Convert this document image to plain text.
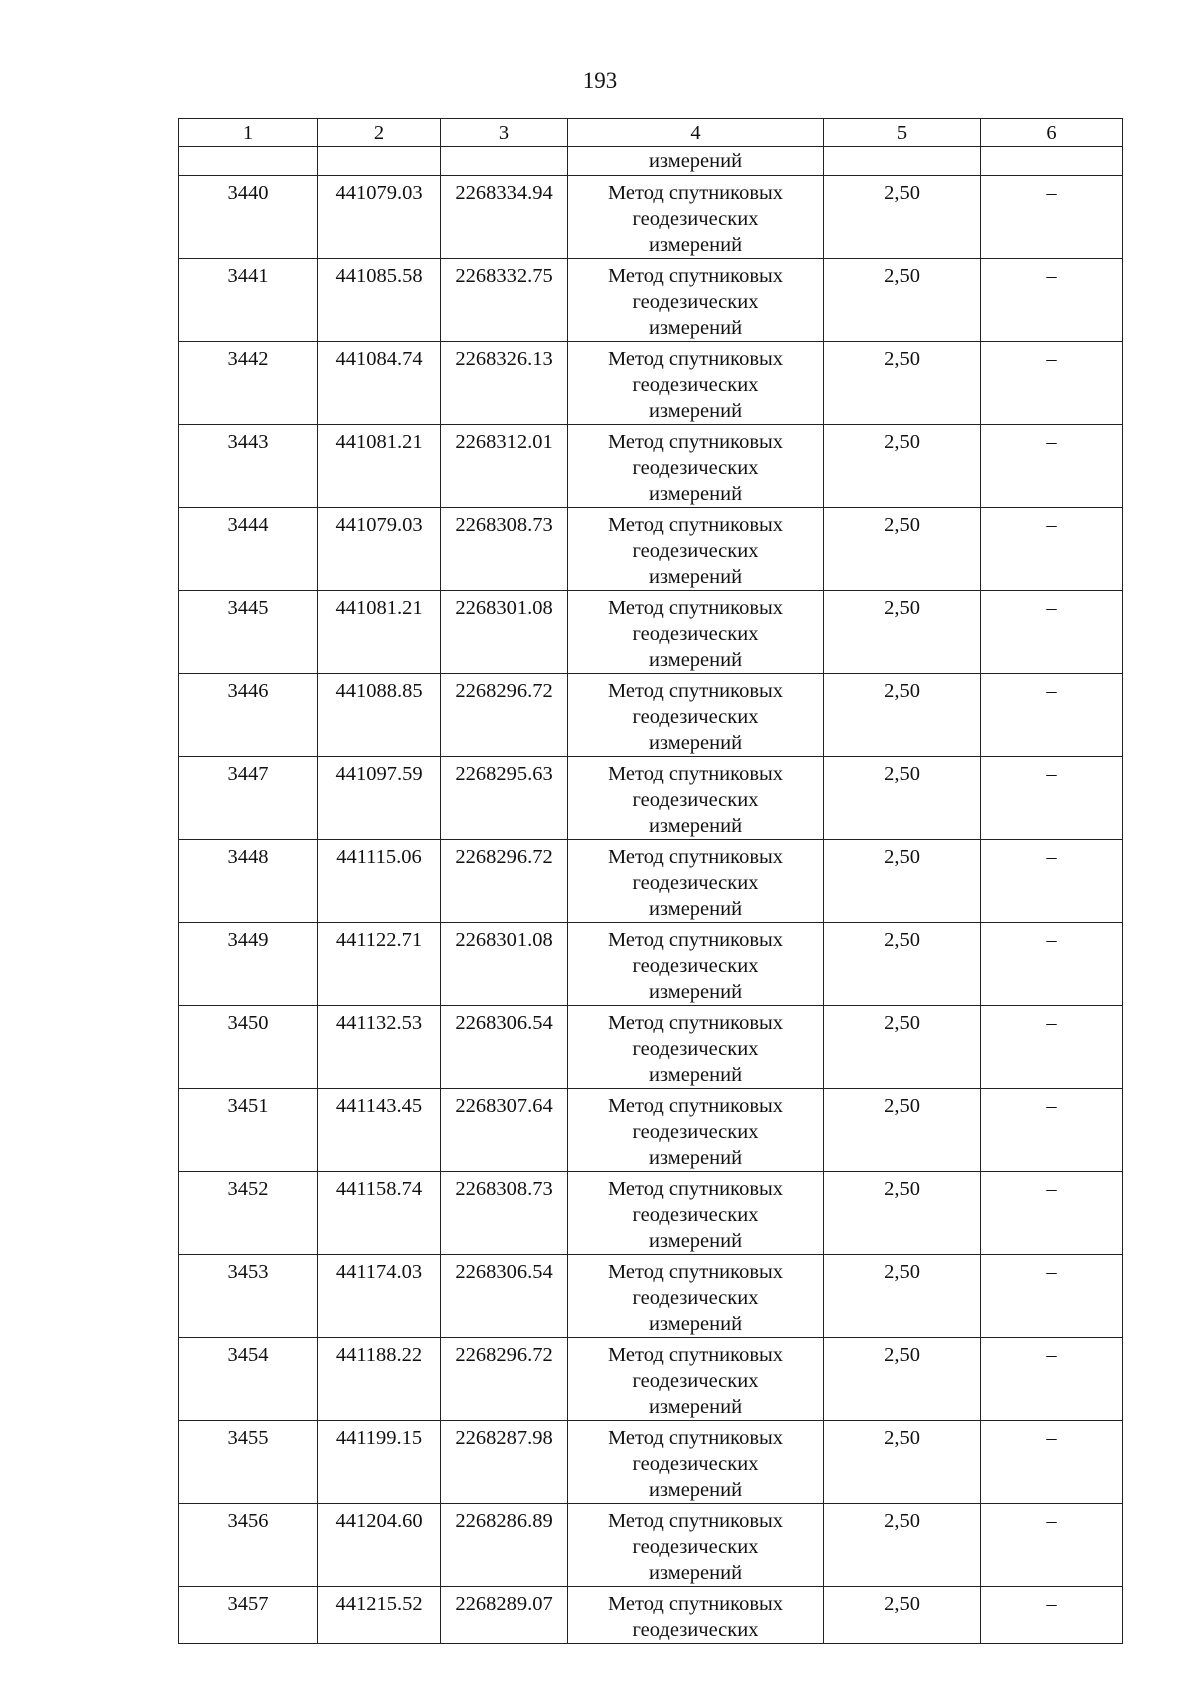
193
1	2	3	4	5	6
			измерений		
3440	441079.03	2268334.94	Метод спутниковых
геодезических
измерений	2,50	–
3441	441085.58	2268332.75	Метод спутниковых
геодезических
измерений	2,50	–
3442	441084.74	2268326.13	Метод спутниковых
геодезических
измерений	2,50	–
3443	441081.21	2268312.01	Метод спутниковых
геодезических
измерений	2,50	–
3444	441079.03	2268308.73	Метод спутниковых
геодезических
измерений	2,50	–
3445	441081.21	2268301.08	Метод спутниковых
геодезических
измерений	2,50	–
3446	441088.85	2268296.72	Метод спутниковых
геодезических
измерений	2,50	–
3447	441097.59	2268295.63	Метод спутниковых
геодезических
измерений	2,50	–
3448	441115.06	2268296.72	Метод спутниковых
геодезических
измерений	2,50	–
3449	441122.71	2268301.08	Метод спутниковых
геодезических
измерений	2,50	–
3450	441132.53	2268306.54	Метод спутниковых
геодезических
измерений	2,50	–
3451	441143.45	2268307.64	Метод спутниковых
геодезических
измерений	2,50	–
3452	441158.74	2268308.73	Метод спутниковых
геодезических
измерений	2,50	–
3453	441174.03	2268306.54	Метод спутниковых
геодезических
измерений	2,50	–
3454	441188.22	2268296.72	Метод спутниковых
геодезических
измерений	2,50	–
3455	441199.15	2268287.98	Метод спутниковых
геодезических
измерений	2,50	–
3456	441204.60	2268286.89	Метод спутниковых
геодезических
измерений	2,50	–
3457	441215.52	2268289.07	Метод спутниковых
геодезических	2,50	–
